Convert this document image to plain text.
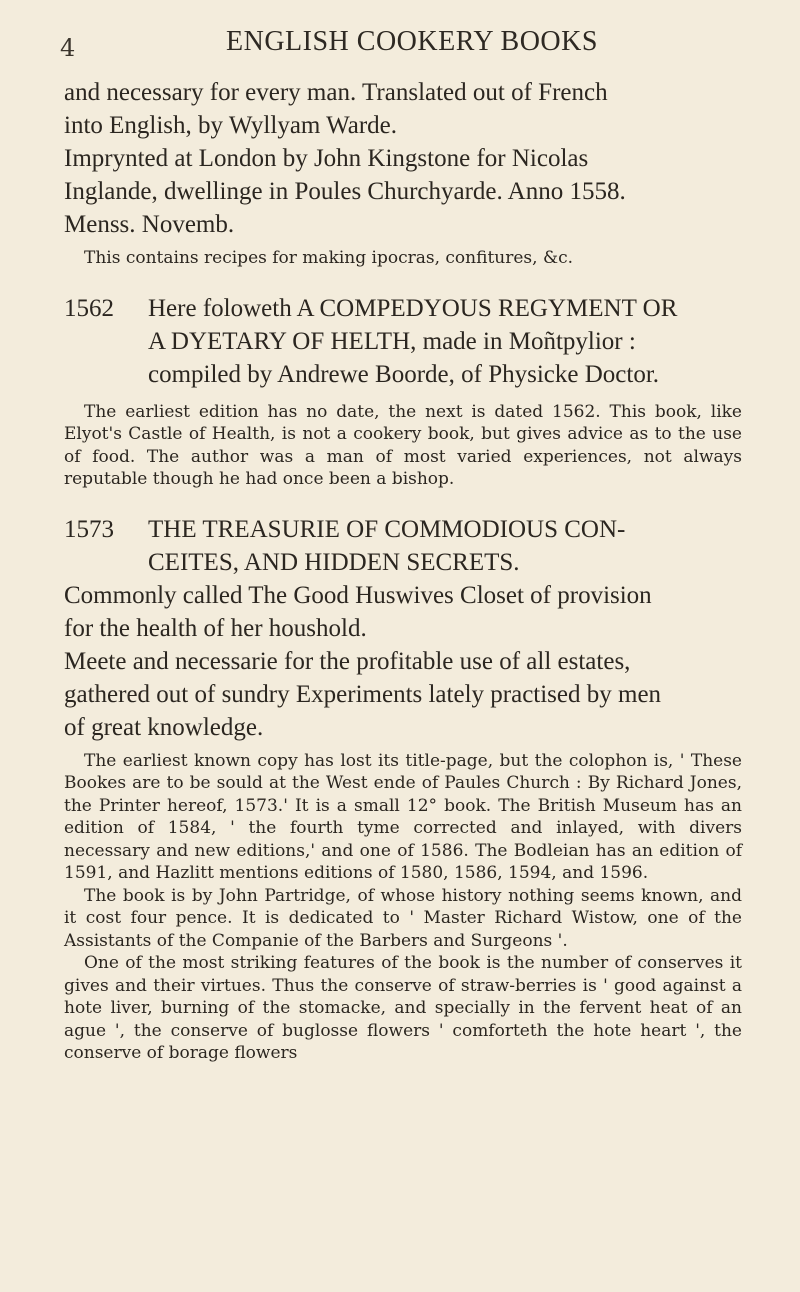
4	ENGLISH COOKERY BOOKS

and necessary for every man. Translated out of French

into English, by Wyllyam Warde.

Imprynted at London by John Kingstone for Nicolas

Inglande, dwellinge in Poules Churchyarde. Anno 1558.

Menss. Novemb.

This contains recipes for making ipocras, confitures, &c.

1562 Here foloweth A COMPEDYOUS REGYMENT OR

A DYETARY OF HELTH, made in Moñtpylior :

compiled by Andrewe Boorde, of Physicke Doctor.

The earliest edition has no date, the next is dated 1562. This book, like Elyot's Castle of Health, is not a cookery book, but gives advice as to the use of food. The author was a man of most varied experiences, not always reputable though he had once been a bishop.

1573 THE TREASURIE OF COMMODIOUS CON-

CEITES, AND HIDDEN SECRETS.

Commonly called The Good Huswives Closet of provision

for the health of her houshold.

Meete and necessarie for the profitable use of all estates,

gathered out of sundry Experiments lately practised by men

of great knowledge.

The earliest known copy has lost its title-page, but the colophon is, ' These Bookes are to be sould at the West ende of Paules Church : By Richard Jones, the Printer hereof, 1573.' It is a small 12° book. The British Museum has an edition of 1584, ' the fourth tyme corrected and inlayed, with divers necessary and new editions,' and one of 1586. The Bodleian has an edition of 1591, and Hazlitt mentions editions of 1580, 1586, 1594, and 1596.

The book is by John Partridge, of whose history nothing seems known, and it cost four pence. It is dedicated to ' Master Richard Wistow, one of the Assistants of the Companie of the Barbers and Surgeons '.

One of the most striking features of the book is the number of conserves it gives and their virtues. Thus the conserve of straw-berries is ' good against a hote liver, burning of the stomacke, and specially in the fervent heat of an ague ', the conserve of buglosse flowers ' comforteth the hote heart ', the conserve of borage flowers
